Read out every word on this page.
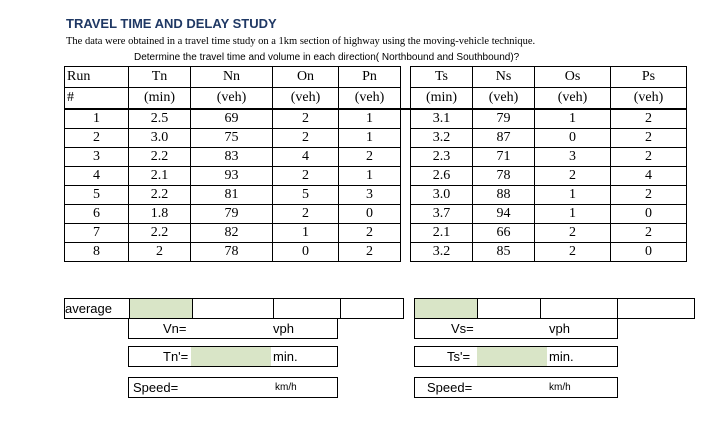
TRAVEL TIME AND DELAY STUDY
The data were obtained in a travel time study on a 1km section of highway using the moving-vehicle technique.
Determine the travel time and volume in each direction( Northbound and Southbound)?
Run	Tn	Nn	On	Pn		Ts	Ns	Os	Ps
#	(min)	(veh)	(veh)	(veh)		(min)	(veh)	(veh)	(veh)
1	2.5	69	2	1		3.1	79	1	2
2	3.0	75	2	1		3.2	87	0	2
3	2.2	83	4	2		2.3	71	3	2
4	2.1	93	2	1		2.6	78	2	4
5	2.2	81	5	3		3.0	88	1	2
6	1.8	79	2	0		3.7	94	1	0
7	2.2	82	1	2		2.1	66	2	2
8	2	78	0	2		3.2	85	2	0
average									
Vn=	vph
Tn'=	min.
Speed=	km/h
Vs=	vph
Ts'=	min.
Speed=	km/h
